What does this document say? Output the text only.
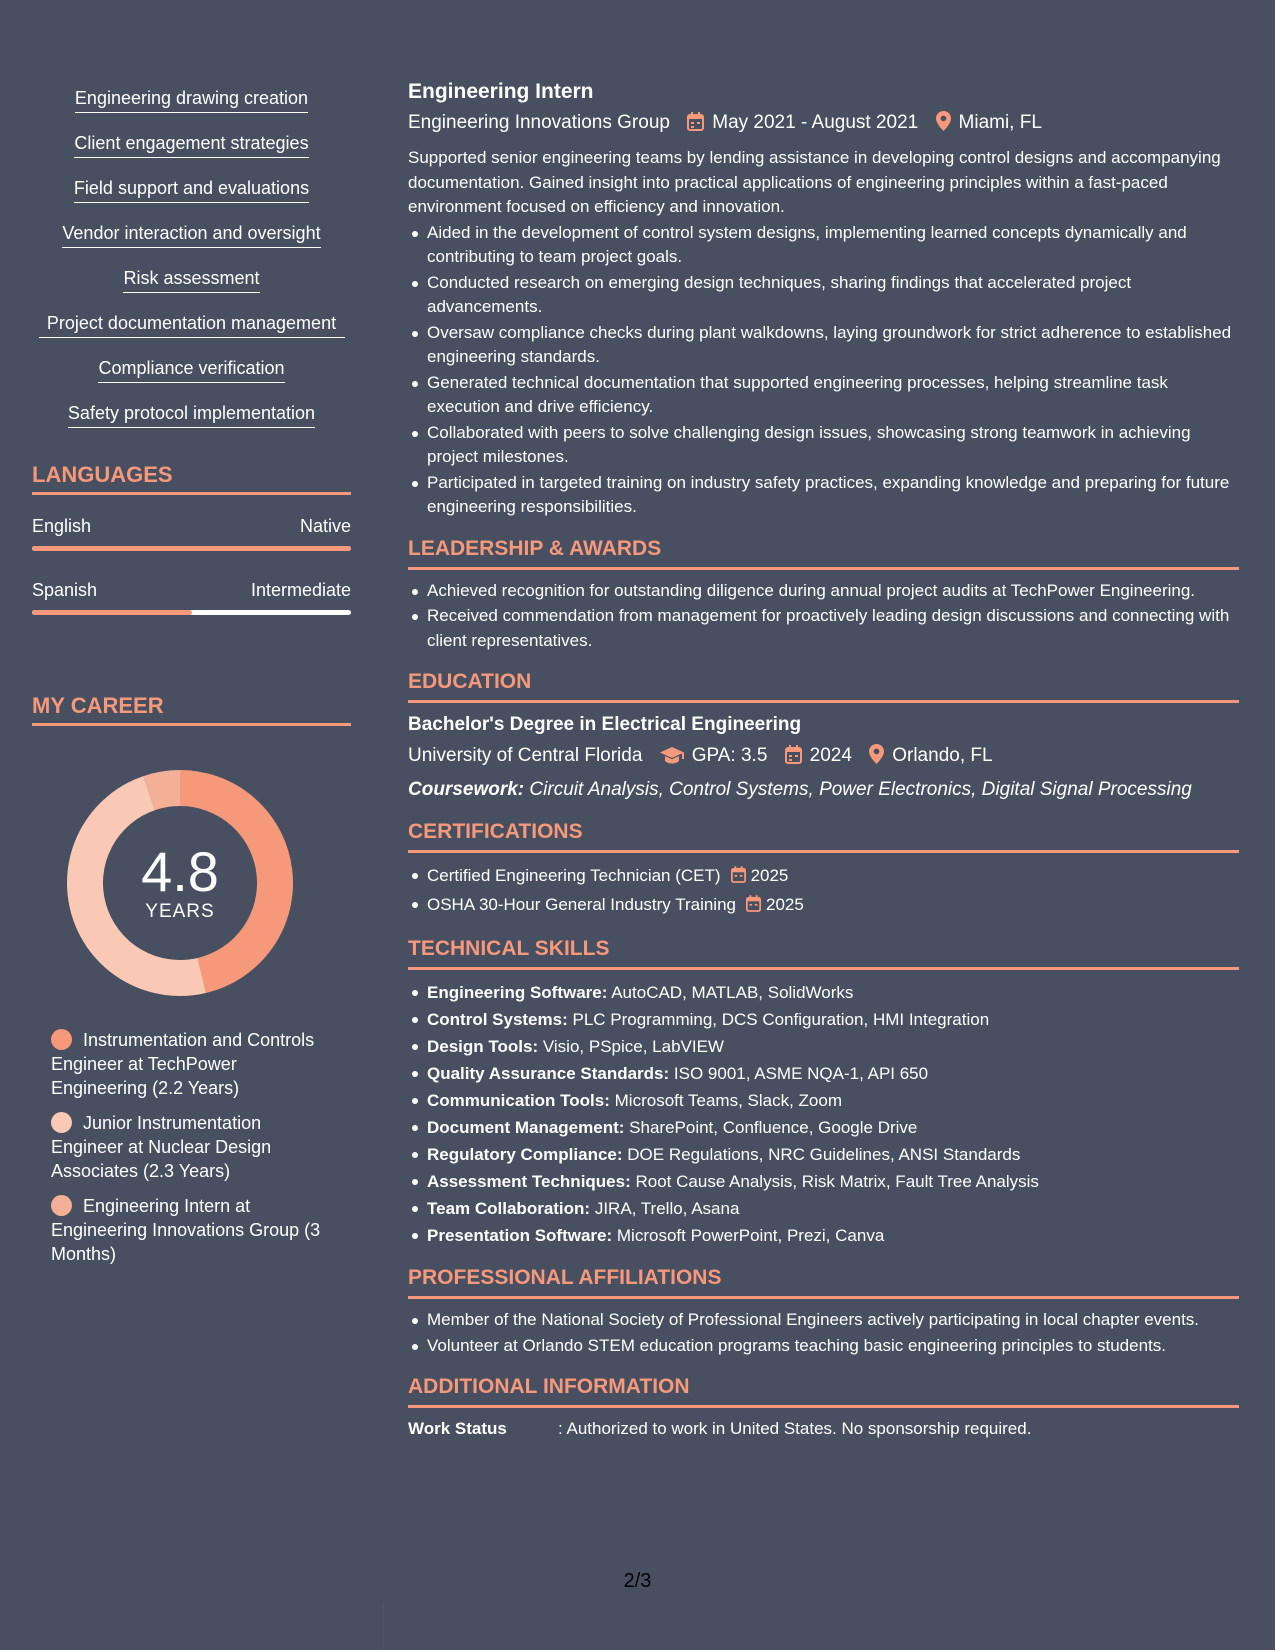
Engineering drawing creation
Client engagement strategies
Field support and evaluations
Vendor interaction and oversight
Risk assessment
Project documentation management
Compliance verification
Safety protocol implementation
LANGUAGES
English	Native
Spanish	Intermediate
MY CAREER
4.8
YEARS
Instrumentation and Controls Engineer at TechPower Engineering (2.2 Years)
Junior Instrumentation Engineer at Nuclear Design Associates (2.3 Years)
Engineering Intern at Engineering Innovations Group (3 Months)
Engineering Intern
Engineering Innovations Group May 2021 - August 2021 Miami, FL
Supported senior engineering teams by lending assistance in developing control designs and accompanying documentation. Gained insight into practical applications of engineering principles within a fast-paced environment focused on efficiency and innovation.
Aided in the development of control system designs, implementing learned concepts dynamically and contributing to team project goals.
Conducted research on emerging design techniques, sharing findings that accelerated project advancements.
Oversaw compliance checks during plant walkdowns, laying groundwork for strict adherence to established engineering standards.
Generated technical documentation that supported engineering processes, helping streamline task execution and drive efficiency.
Collaborated with peers to solve challenging design issues, showcasing strong teamwork in achieving project milestones.
Participated in targeted training on industry safety practices, expanding knowledge and preparing for future engineering responsibilities.
LEADERSHIP & AWARDS
Achieved recognition for outstanding diligence during annual project audits at TechPower Engineering.
Received commendation from management for proactively leading design discussions and connecting with client representatives.
EDUCATION
Bachelor's Degree in Electrical Engineering
University of Central Florida	GPA: 3.5 2024 Orlando, FL
Coursework: Circuit Analysis, Control Systems, Power Electronics, Digital Signal Processing
CERTIFICATIONS
Certified Engineering Technician (CET) 2025
OSHA 30-Hour General Industry Training 2025
TECHNICAL SKILLS
Engineering Software: AutoCAD, MATLAB, SolidWorks
Control Systems: PLC Programming, DCS Configuration, HMI Integration
Design Tools: Visio, PSpice, LabVIEW
Quality Assurance Standards: ISO 9001, ASME NQA-1, API 650
Communication Tools: Microsoft Teams, Slack, Zoom
Document Management: SharePoint, Confluence, Google Drive
Regulatory Compliance: DOE Regulations, NRC Guidelines, ANSI Standards
Assessment Techniques: Root Cause Analysis, Risk Matrix, Fault Tree Analysis
Team Collaboration: JIRA, Trello, Asana
Presentation Software: Microsoft PowerPoint, Prezi, Canva
PROFESSIONAL AFFILIATIONS
Member of the National Society of Professional Engineers actively participating in local chapter events.
Volunteer at Orlando STEM education programs teaching basic engineering principles to students.
ADDITIONAL INFORMATION
Work Status	: Authorized to work in United States. No sponsorship required.
2/3
